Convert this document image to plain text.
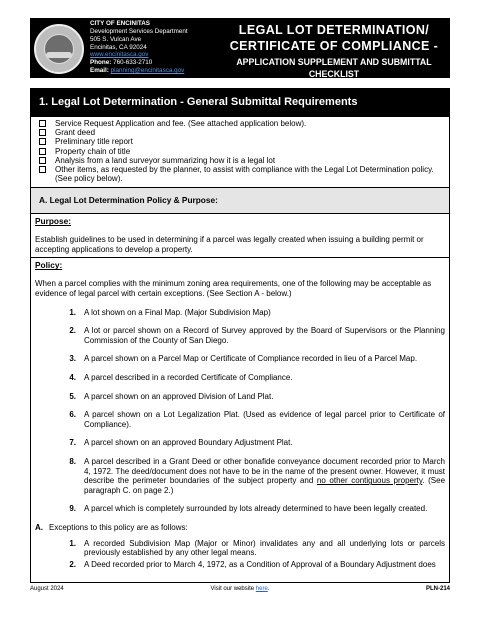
CITY OF ENCINITAS
Development Services Department
505 S. Vulcan Ave
Encinitas, CA 92024
www.encinitasca.gov
Phone: 760-633-2710
Email: planning@encinitasca.gov
LEGAL LOT DETERMINATION/
CERTIFICATE OF COMPLIANCE -
APPLICATION SUPPLEMENT AND SUBMITTAL
CHECKLIST
1. Legal Lot Determination - General Submittal Requirements
Service Request Application and fee. (See attached application below).
Grant deed
Preliminary title report
Property chain of title
Analysis from a land surveyor summarizing how it is a legal lot
Other items, as requested by the planner, to assist with compliance with the Legal Lot Determination policy. (See policy below).
A. Legal Lot Determination Policy & Purpose:
Purpose:
Establish guidelines to be used in determining if a parcel was legally created when issuing a building permit or accepting applications to develop a property.
Policy:
When a parcel complies with the minimum zoning area requirements, one of the following may be acceptable as evidence of legal parcel with certain exceptions. (See Section A - below.)
1.	A lot shown on a Final Map. (Major Subdivision Map)
2.	A lot or parcel shown on a Record of Survey approved by the Board of Supervisors or the Planning Commission of the County of San Diego.
3.	A parcel shown on a Parcel Map or Certificate of Compliance recorded in lieu of a Parcel Map.
4.	A parcel described in a recorded Certificate of Compliance.
5.	A parcel shown on an approved Division of Land Plat.
6.	A parcel shown on a Lot Legalization Plat. (Used as evidence of legal parcel prior to Certificate of Compliance).
7.	A parcel shown on an approved Boundary Adjustment Plat.
8.	A parcel described in a Grant Deed or other bonafide conveyance document recorded prior to March 4, 1972. The deed/document does not have to be in the name of the present owner. However, it must describe the perimeter boundaries of the subject property and no other contiguous property. (See paragraph C. on page 2.)
9.	A parcel which is completely surrounded by lots already determined to have been legally created.
A. Exceptions to this policy are as follows:
1.	A recorded Subdivision Map (Major or Minor) invalidates any and all underlying lots or parcels previously established by any other legal means.
2.	A Deed recorded prior to March 4, 1972, as a Condition of Approval of a Boundary Adjustment does
August 2024	Visit our website here.	PLN-214
